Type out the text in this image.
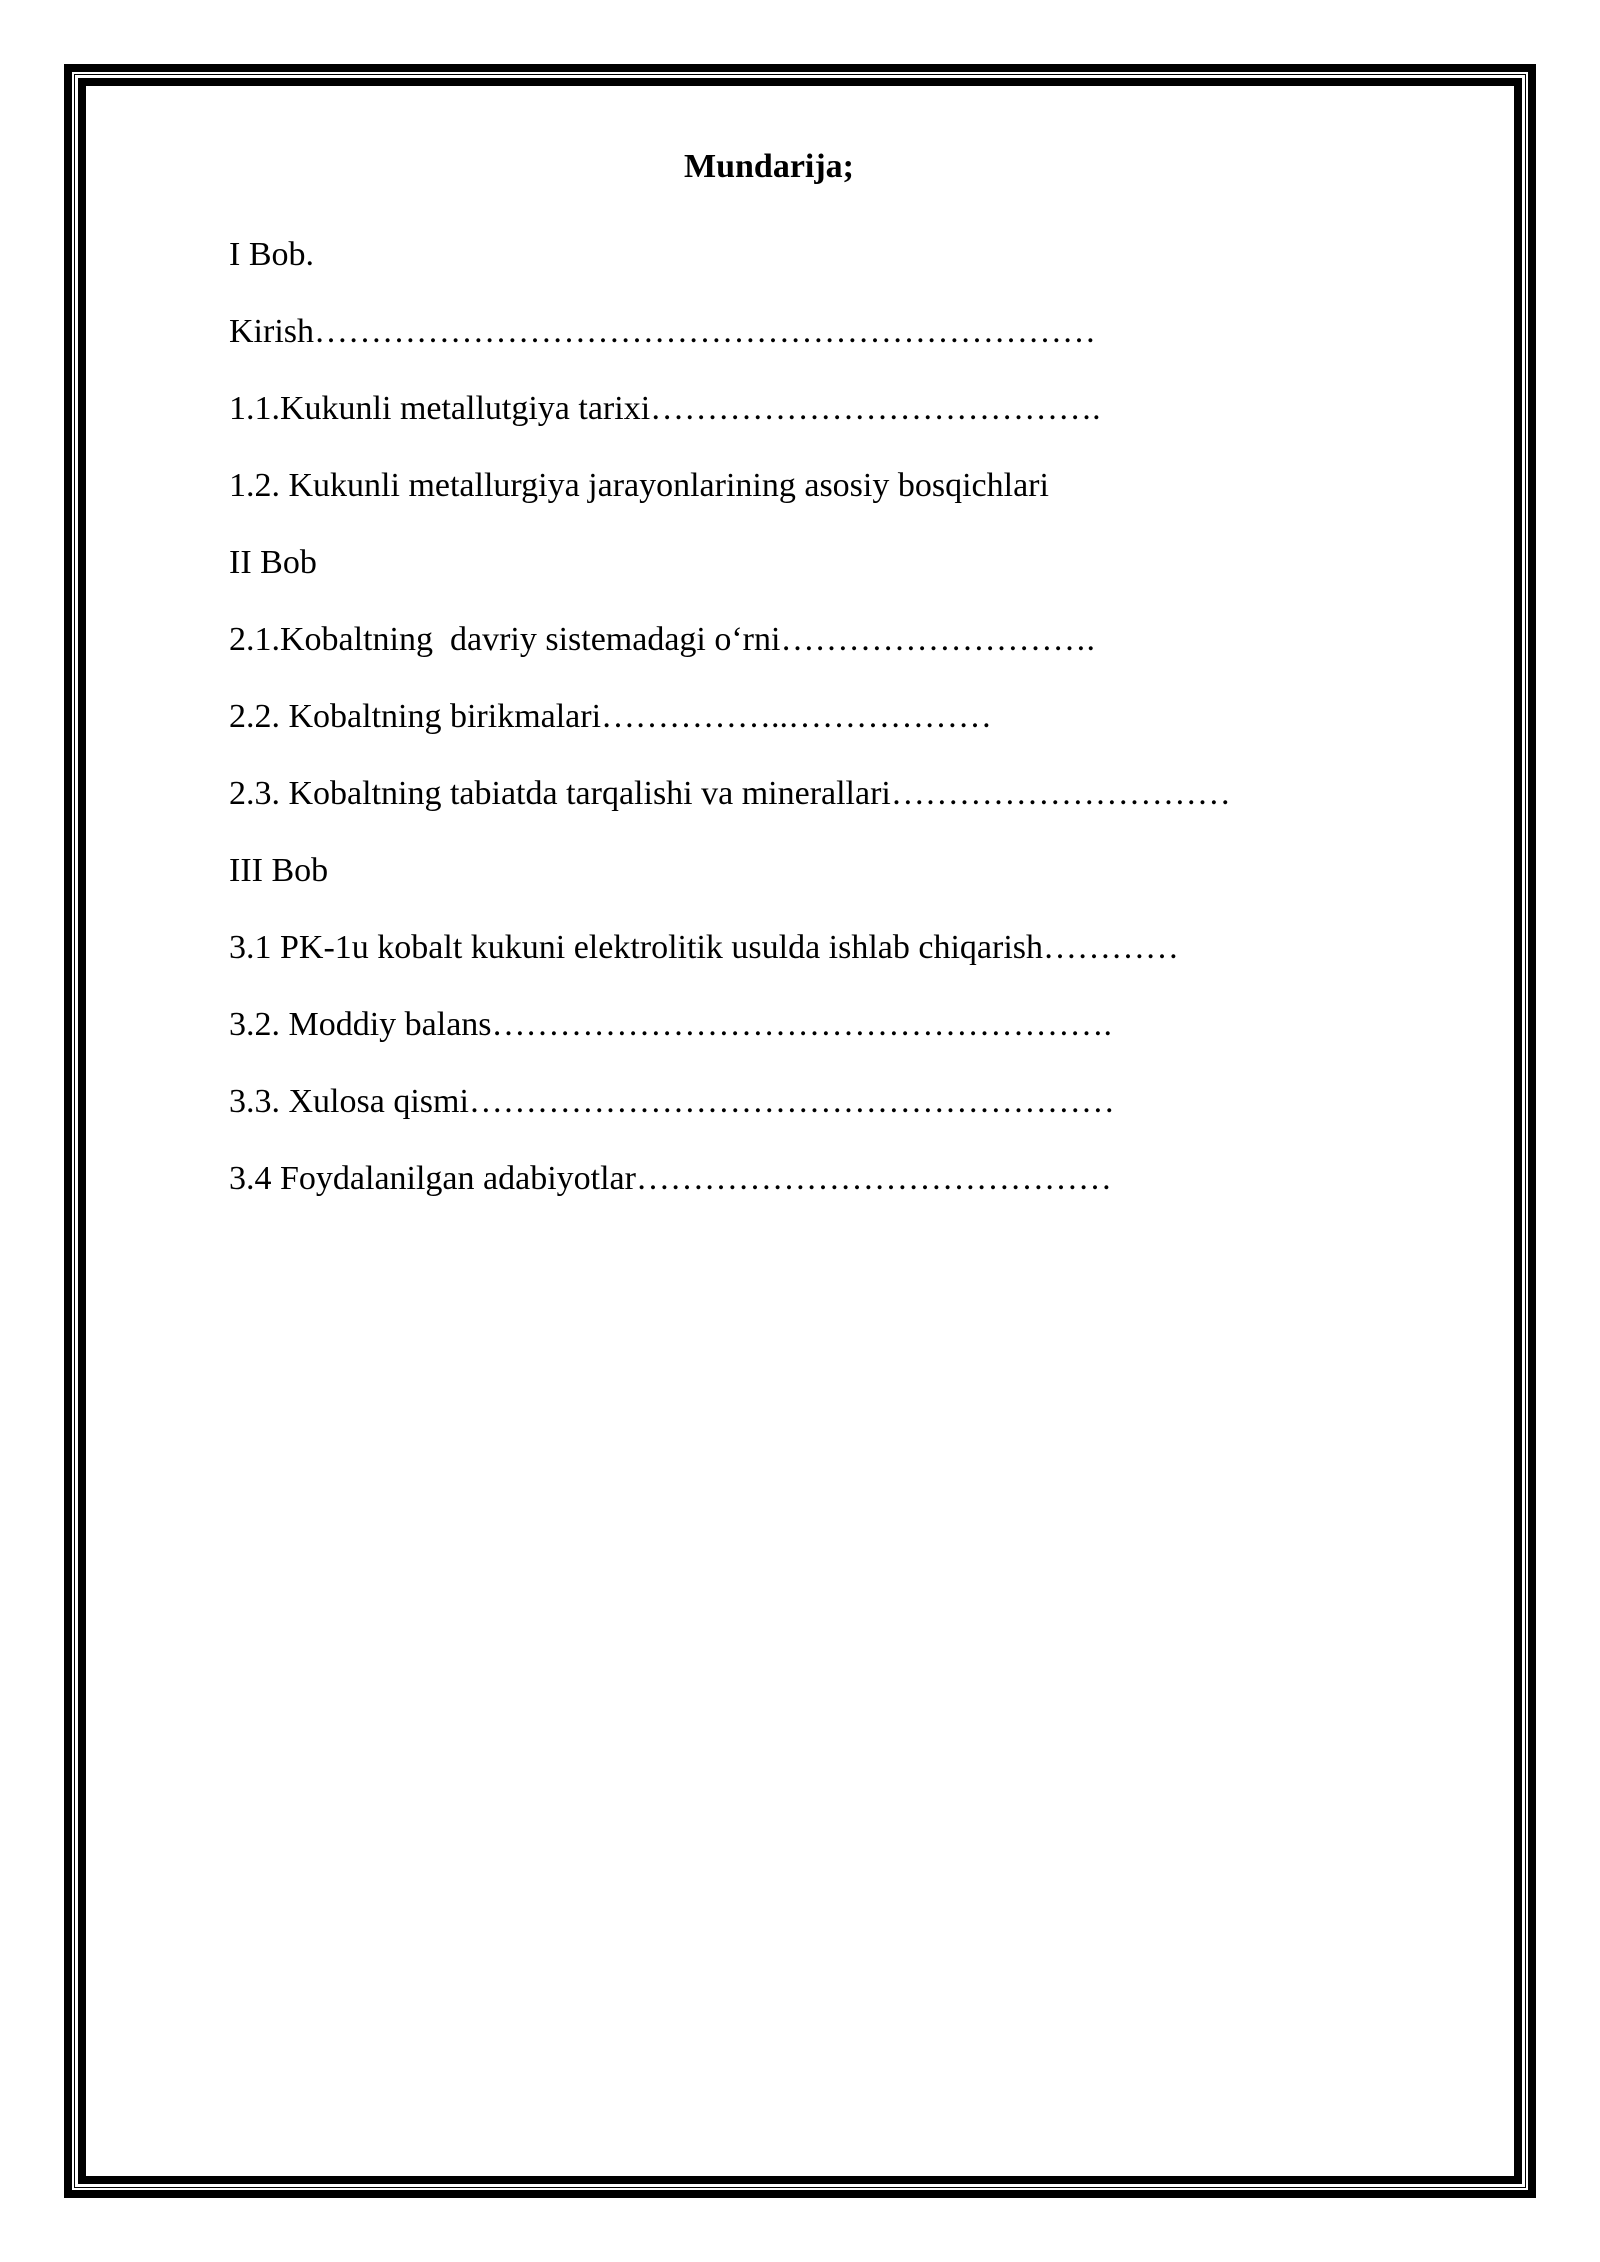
Mundarija;
I Bob.
Kirish……………………………………………………………
1.1.Kukunli metallutgiya tarixi………………………………….
1.2. Kukunli metallurgiya jarayonlarining asosiy bosqichlari
II Bob
2.1.Kobaltning  davriy sistemadagi o‘rni……………………….
2.2. Kobaltning birikmalari……………..………………
2.3. Kobaltning tabiatda tarqalishi va minerallari…………………………
III Bob
3.1 PK-1u kobalt kukuni elektrolitik usulda ishlab chiqarish…………
3.2. Moddiy balans……………………………………………….
3.3. Xulosa qismi…………………………………………………
3.4 Foydalanilgan adabiyotlar……………………………………
